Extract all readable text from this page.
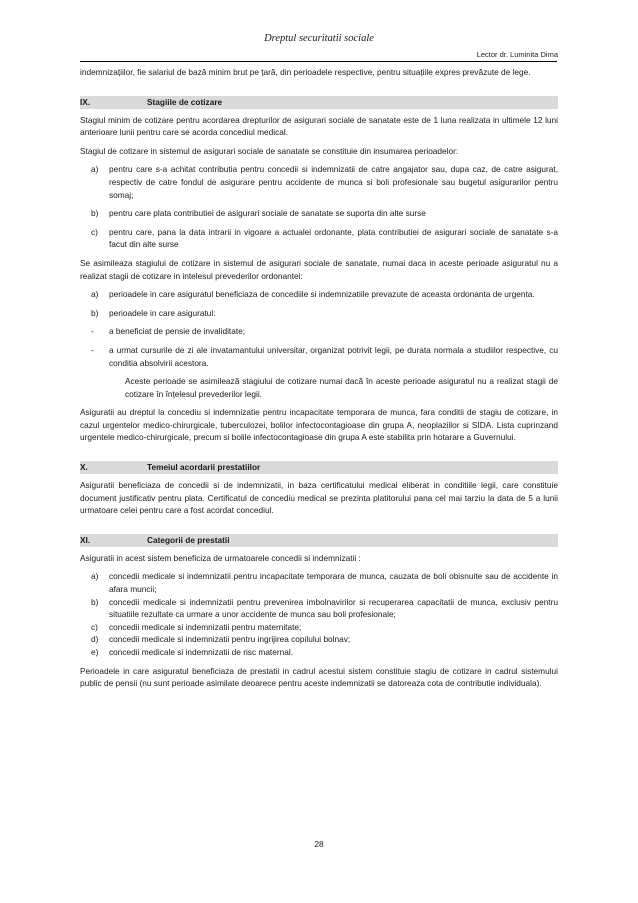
Dreptul securitatii sociale
Lector dr. Luminita Dima

indemnizațiilor, fie salariul de bază minim brut pe țară, din perioadele respective, pentru situațiile expres prevăzute de lege.

IX.	Stagiile de cotizare

Stagiul minim de cotizare pentru acordarea drepturilor de asigurari sociale de sanatate este de 1 luna realizata in ultimele 12 luni anterioare lunii pentru care se acorda concediul medical.

Stagiul de cotizare in sistemul de asigurari sociale de sanatate se constituie din insumarea perioadelor:

a)	pentru care s-a achitat contributia pentru concedii si indemnizatii de catre angajator sau, dupa caz, de catre asigurat, respectiv de catre fondul de asigurare pentru accidente de munca si boli profesionale sau bugetul asigurarilor pentru somaj;
b)	pentru care plata contributiei de asigurari sociale de sanatate se suporta din alte surse
c)	pentru care, pana la data intrarii in vigoare a actualei ordonante, plata contributiei de asigurari sociale de sanatate s-a facut din alte surse

Se asimileaza stagiului de cotizare in sistemul de asigurari sociale de sanatate, numai daca in aceste perioade asiguratul nu a realizat stagii de cotizare in intelesul prevederilor ordonantei:

a)	perioadele in care asiguratul beneficiaza de concediile si indemnizatiile prevazute de aceasta ordonanta de urgenta.
b)	perioadele in care asiguratul:
-	a beneficiat de pensie de invaliditate;
-	a urmat cursurile de zi ale invatamantului universitar, organizat potrivit legii, pe durata normala a studiilor respective, cu conditia absolvirii acestora.

Aceste perioade se asimilează stagiului de cotizare numai dacă în aceste perioade asiguratul nu a realizat stagii de cotizare în înțelesul prevederilor legii.

Asiguratii au dreptul la concediu si indemnizatie pentru incapacitate temporara de munca, fara conditii de stagiu de cotizare, in cazul urgentelor medico-chirurgicale, tuberculozei, bolilor infectocontagioase din grupa A, neoplaziilor si SIDA. Lista cuprinzand urgentele medico-chirurgicale, precum si bolile infectocontagioase din grupa A este stabilita prin hotarare a Guvernului.

X.	Temeiul acordarii prestatiilor

Asiguratii beneficiaza de concedii si de indemnizatii, in baza certificatului medical eliberat in conditiile legii, care constituie document justificativ pentru plata. Certificatul de concediu medical se prezinta platitorului pana cel mai tarziu la data de 5 a lunii urmatoare celei pentru care a fost acordat concediul.

XI.	Categorii de prestatii

Asiguratii in acest sistem beneficiza de urmatoarele concedii si indemnizatii :

a)	concedii medicale si indemnizatii pentru incapacitate temporara de munca, cauzata de boli obisnuite sau de accidente in afara muncii;
b)	concedii medicale si indemnizatii pentru prevenirea imbolnavirilor si recuperarea capacitatii de munca, exclusiv pentru situatiile rezultate ca urmare a unor accidente de munca sau boli profesionale;
c)	concedii medicale si indemnizatii pentru maternitate;
d)	concedii medicale si indemnizatii pentru ingrijirea copilului bolnav;
e)	concedii medicale si indemnizatii de risc maternal.

Perioadele in care asiguratul beneficiaza de prestatii in cadrul acestui sistem constituie stagiu de cotizare in cadrul sistemului public de pensii (nu sunt perioade asimilate deoarece pentru aceste indemnizatii se datoreaza cota de contributie individuala).

28
